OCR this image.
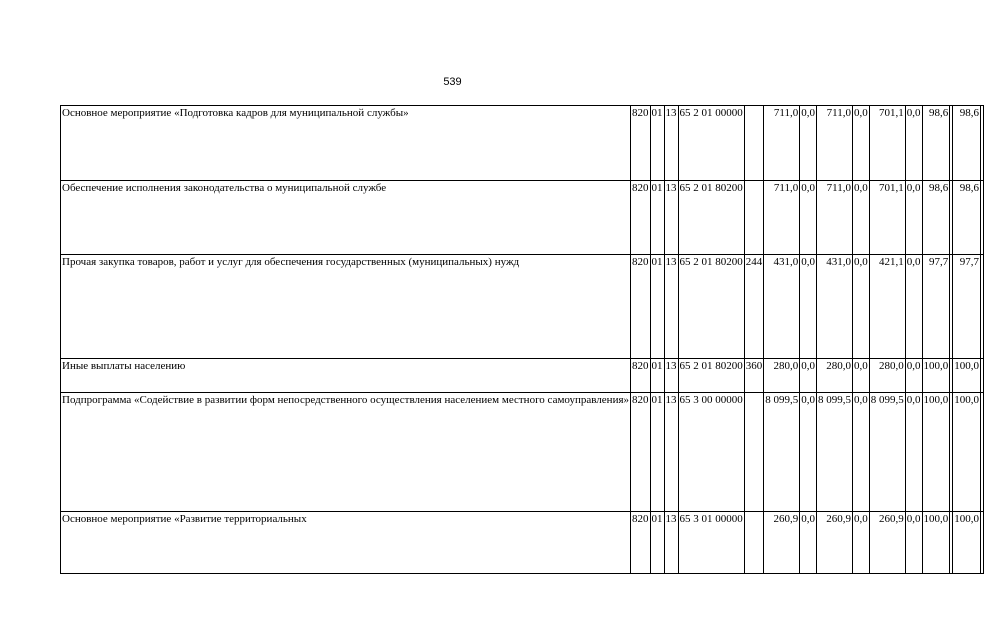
539
Основное мероприятие «Подготовка кадров для муниципальной службы»	820	01	13	65 2 01 00000		711,0	0,0	711,0	0,0	701,1	0,0	98,6		98,6	
Обеспечение исполнения законодательства о муниципальной службе	820	01	13	65 2 01 80200		711,0	0,0	711,0	0,0	701,1	0,0	98,6		98,6	
Прочая закупка товаров, работ и услуг для обеспечения государственных (муниципальных) нужд	820	01	13	65 2 01 80200	244	431,0	0,0	431,0	0,0	421,1	0,0	97,7		97,7	
Иные выплаты населению	820	01	13	65 2 01 80200	360	280,0	0,0	280,0	0,0	280,0	0,0	100,0		100,0	
Подпрограмма «Содействие в развитии форм непосредственного осуществления населением местного самоуправления»	820	01	13	65 3 00 00000		8 099,5	0,0	8 099,5	0,0	8 099,5	0,0	100,0		100,0	
Основное мероприятие «Развитие территориальных	820	01	13	65 3 01 00000		260,9	0,0	260,9	0,0	260,9	0,0	100,0		100,0	
